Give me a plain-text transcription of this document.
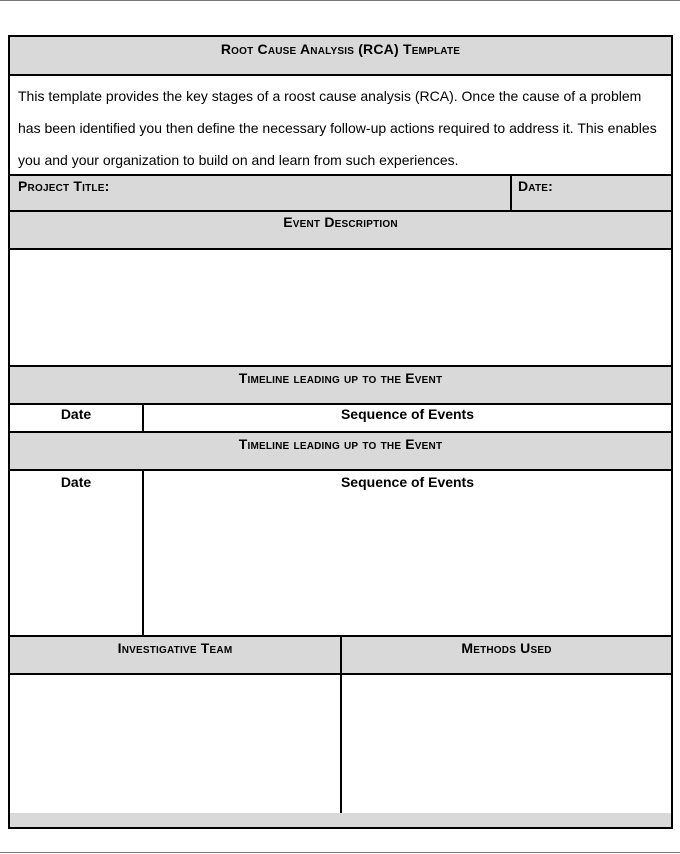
Root Cause Analysis (RCA) Template
This template provides the key stages of a roost cause analysis (RCA). Once the cause of a problem has been identified you then define the necessary follow-up actions required to address it. This enables you and your organization to build on and learn from such experiences.
Project Title:	Date:
Event Description
Timeline leading up to the Event
Date	Sequence of Events
Timeline leading up to the Event
Date	Sequence of Events
Investigative Team	Methods Used
